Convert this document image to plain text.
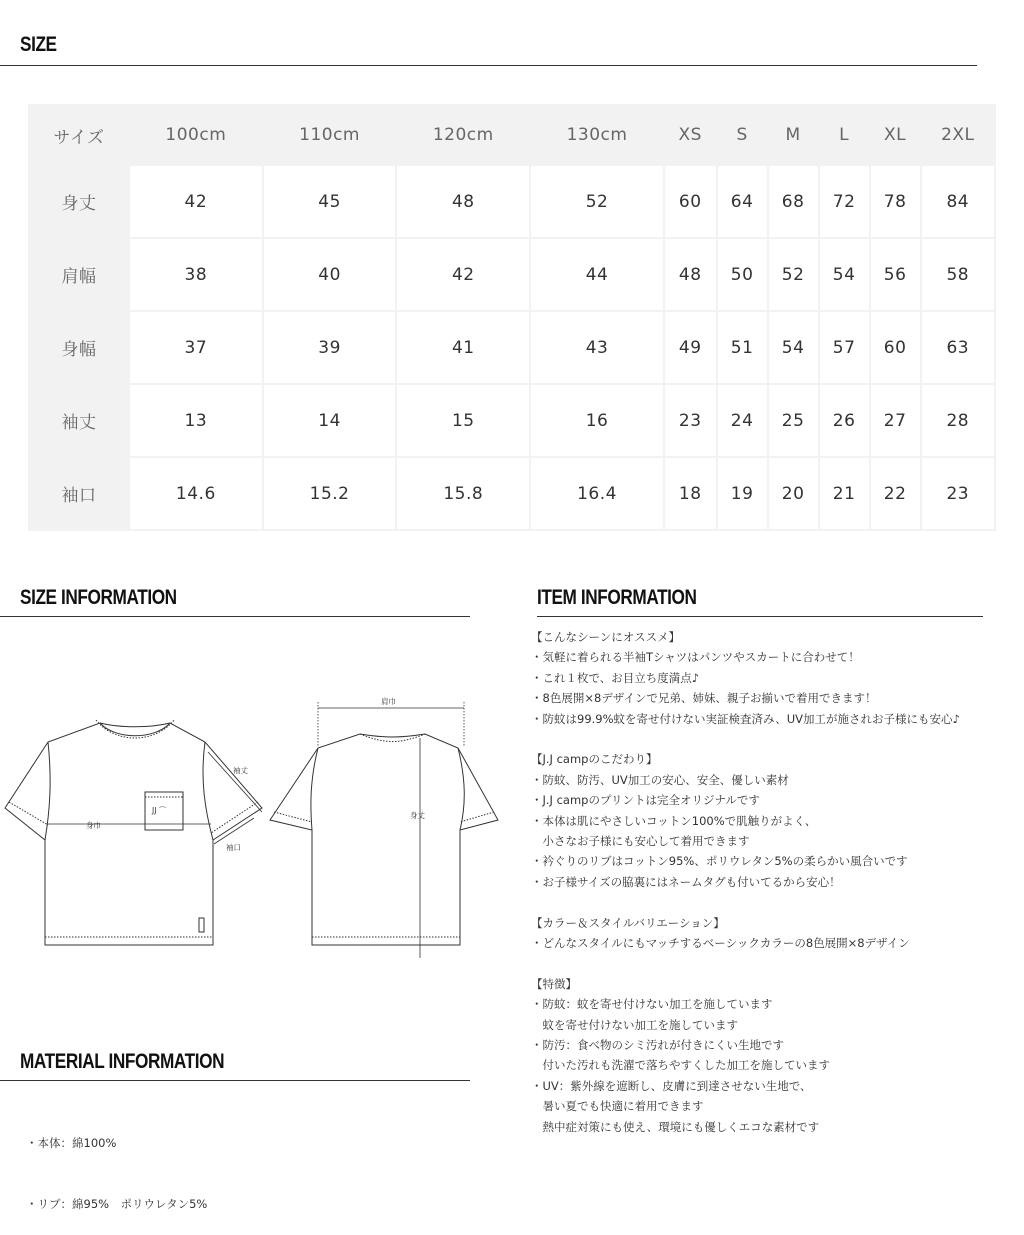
SIZE
サイズ	100cm	110cm	120cm	130cm	XS	S	M	L	XL	2XL
身丈	42	45	48	52	60	64	68	72	78	84
肩幅	38	40	42	44	48	50	52	54	56	58
身幅	37	39	41	43	49	51	54	57	60	63
袖丈	13	14	15	16	23	24	25	26	27	28
袖口	14.6	15.2	15.8	16.4	18	19	20	21	22	23
SIZE INFORMATION
JJ ⌒
身巾
袖丈
袖口
肩巾
身丈
MATERIAL INFORMATION

・本体：綿100%

・リブ：綿95%　ポリウレタン5%

ITEM INFORMATION
【こんなシーンにオススメ】
・気軽に着られる半袖Tシャツはパンツやスカートに合わせて！
・これ１枚で、お目立ち度満点♪
・8色展開×8デザインで兄弟、姉妹、親子お揃いで着用できます！
・防蚊は99.9%蚊を寄せ付けない実証検査済み、UV加工が施されお子様にも安心♪
【J.J campのこだわり】
・防蚊、防汚、UV加工の安心、安全、優しい素材
・J.J campのプリントは完全オリジナルです
・本体は肌にやさしいコットン100%で肌触りがよく、
　小さなお子様にも安心して着用できます
・衿ぐりのリブはコットン95%、ポリウレタン5%の柔らかい風合いです
・お子様サイズの脇裏にはネームタグも付いてるから安心！
【カラー＆スタイルバリエーション】
・どんなスタイルにもマッチするベーシックカラーの8色展開×8デザイン
【特徴】
・防蚊：蚊を寄せ付けない加工を施しています
　蚊を寄せ付けない加工を施しています
・防汚：食べ物のシミ汚れが付きにくい生地です
　付いた汚れも洗濯で落ちやすくした加工を施しています
・UV：紫外線を遮断し、皮膚に到達させない生地で、
　暑い夏でも快適に着用できます
　熱中症対策にも使え、環境にも優しくエコな素材です
